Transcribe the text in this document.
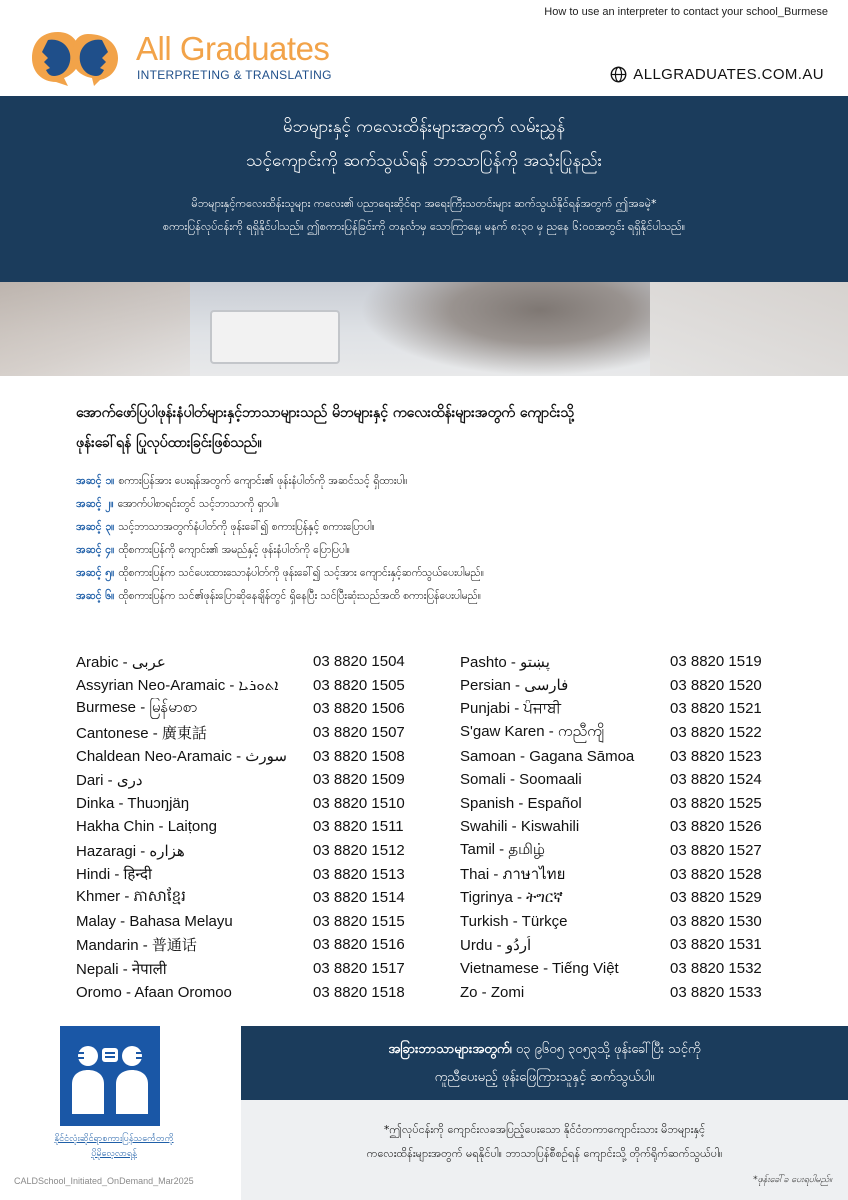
How to use an interpreter to contact your school_Burmese
All Graduates
INTERPRETING & TRANSLATING	ALLGRADUATES.COM.AU
မိဘများနှင့် ကလေးထိန်းများအတွက် လမ်းညွှန်
သင့်ကျောင်းကို ဆက်သွယ်ရန် ဘာသာပြန်ကို အသုံးပြုနည်း
မိဘများနှင့်ကလေးထိန်းသူများ ကလေး၏ ပညာရေးဆိုင်ရာ အရေးကြီးသတင်းများ ဆက်သွယ်နိုင်ရန်အတွက် ဤအခမဲ့*
စကားပြန်လုပ်ငန်းကို ရရှိနိုင်ပါသည်။ ဤစကားပြန်ခြင်းကို တနင်္လာမှ သောကြာနေ့၊ မနက် ၈:၃၀ မှ ညနေ ၆:၀၀အတွင်း ရရှိနိုင်ပါသည်။
အောက်ဖော်ပြပါဖုန်းနံပါတ်များနှင့်ဘာသာများသည် မိဘများနှင့် ကလေးထိန်းများအတွက် ကျောင်းသို့
ဖုန်းခေါ်ရန် ပြုလုပ်ထားခြင်းဖြစ်သည်။
အဆင့် ၁။ စကားပြန်အား ပေးရန်အတွက် ကျောင်း၏ ဖုန်းနံပါတ်ကို အဆင်သင့် ရှိထားပါ။
အဆင့် ၂။ အောက်ပါစာရင်းတွင် သင့်ဘာသာကို ရှာပါ။
အဆင့် ၃။ သင့်ဘာသာအတွက်နံပါတ်ကို ဖုန်းခေါ်၍ စကားပြန်နှင့် စကားပြောပါ။
အဆင့် ၄။ ထိုစကားပြန်ကို ကျောင်း၏ အမည်နှင့် ဖုန်းနံပါတ်ကို ပြောပြပါ။
အဆင့် ၅။ ထိုစကားပြန်က သင်ပေးထားသောနံပါတ်ကို ဖုန်းခေါ်၍ သင့်အား ကျောင်းနှင့်ဆက်သွယ်ပေးပါမည်။
အဆင့် ၆။ ထိုစကားပြန်က သင်၏ဖုန်းပြောဆိုနေချိန်တွင် ရှိနေပြီး သင်ပြီးဆုံးသည်အထိ စကားပြန်ပေးပါမည်။
Arabic - عربى	03 8820 1504
Assyrian Neo-Aramaic - ܐܬܘܪܝܐ	03 8820 1505
Burmese - မြန်မာစာ	03 8820 1506
Cantonese - 廣東話	03 8820 1507
Chaldean Neo-Aramaic - سورث	03 8820 1508
Dari - دری	03 8820 1509
Dinka - Thuɔŋjäŋ	03 8820 1510
Hakha Chin - Laiṭong	03 8820 1511
Hazaragi - هزاره	03 8820 1512
Hindi - हिन्दी	03 8820 1513
Khmer - ភាសាខ្មែរ	03 8820 1514
Malay - Bahasa Melayu	03 8820 1515
Mandarin - 普通话	03 8820 1516
Nepali - नेपाली	03 8820 1517
Oromo - Afaan Oromoo	03 8820 1518
Pashto - پښتو	03 8820 1519
Persian - فارسی	03 8820 1520
Punjabi - ਪੰਜਾਬੀ	03 8820 1521
S'gaw Karen - ကညီကျိ	03 8820 1522
Samoan - Gagana Sāmoa	03 8820 1523
Somali - Soomaali	03 8820 1524
Spanish - Español	03 8820 1525
Swahili - Kiswahili	03 8820 1526
Tamil - தமிழ்	03 8820 1527
Thai - ภาษาไทย	03 8820 1528
Tigrinya - ትግርኛ	03 8820 1529
Turkish - Türkçe	03 8820 1530
Urdu - اُردُو	03 8820 1531
Vietnamese - Tiếng Việt	03 8820 1532
Zo - Zomi	03 8820 1533
နိုင်ငံလုံးဆိုင်ရာစကားပြန်သင်္ကေတကို
ပိုမိုလေ့လာရန်
အခြားဘာသာများအတွက်၊ ၀၃ ၉၆၀၅ ၃၀၅၃သို့ ဖုန်းခေါ်ပြီး သင့်ကို
ကူညီပေးမည့် ဖုန်းဖြေကြားသူနှင့် ဆက်သွယ်ပါ။
*ဤလုပ်ငန်းကို ကျောင်းလခအပြည့်ပေးသော နိုင်ငံတကာကျောင်းသား မိဘများနှင့်
ကလေးထိန်းများအတွက် မရနိုင်ပါ။ ဘာသာပြန်စီစဉ်ရန် ကျောင်းသို့ တိုက်ရိုက်ဆက်သွယ်ပါ။
*ဖုန်းခေါ်ခ ပေးရပါမည်။
CALDSchool_Initiated_OnDemand_Mar2025
